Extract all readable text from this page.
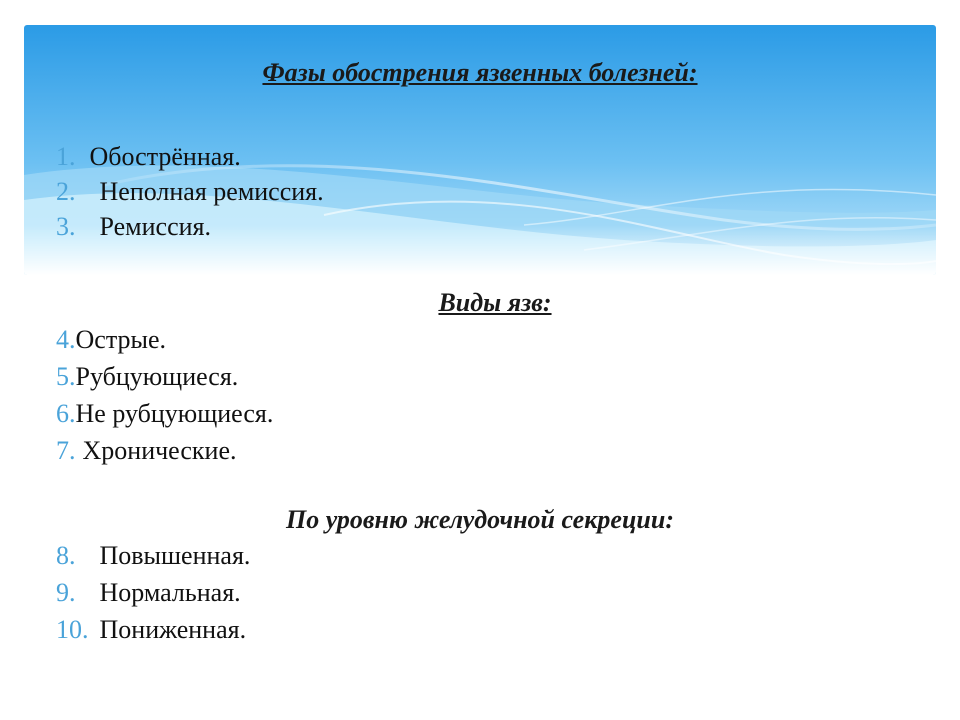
Фазы обострения язвенных болезней:
1. Обострённая.
2. Неполная ремиссия.
3. Ремиссия.
Виды язв:
4.Острые.
5.Рубцующиеся.
6.Не рубцующиеся.
7. Хронические.
По уровню желудочной секреции:
8. Повышенная.
9. Нормальная.
10. Пониженная.
